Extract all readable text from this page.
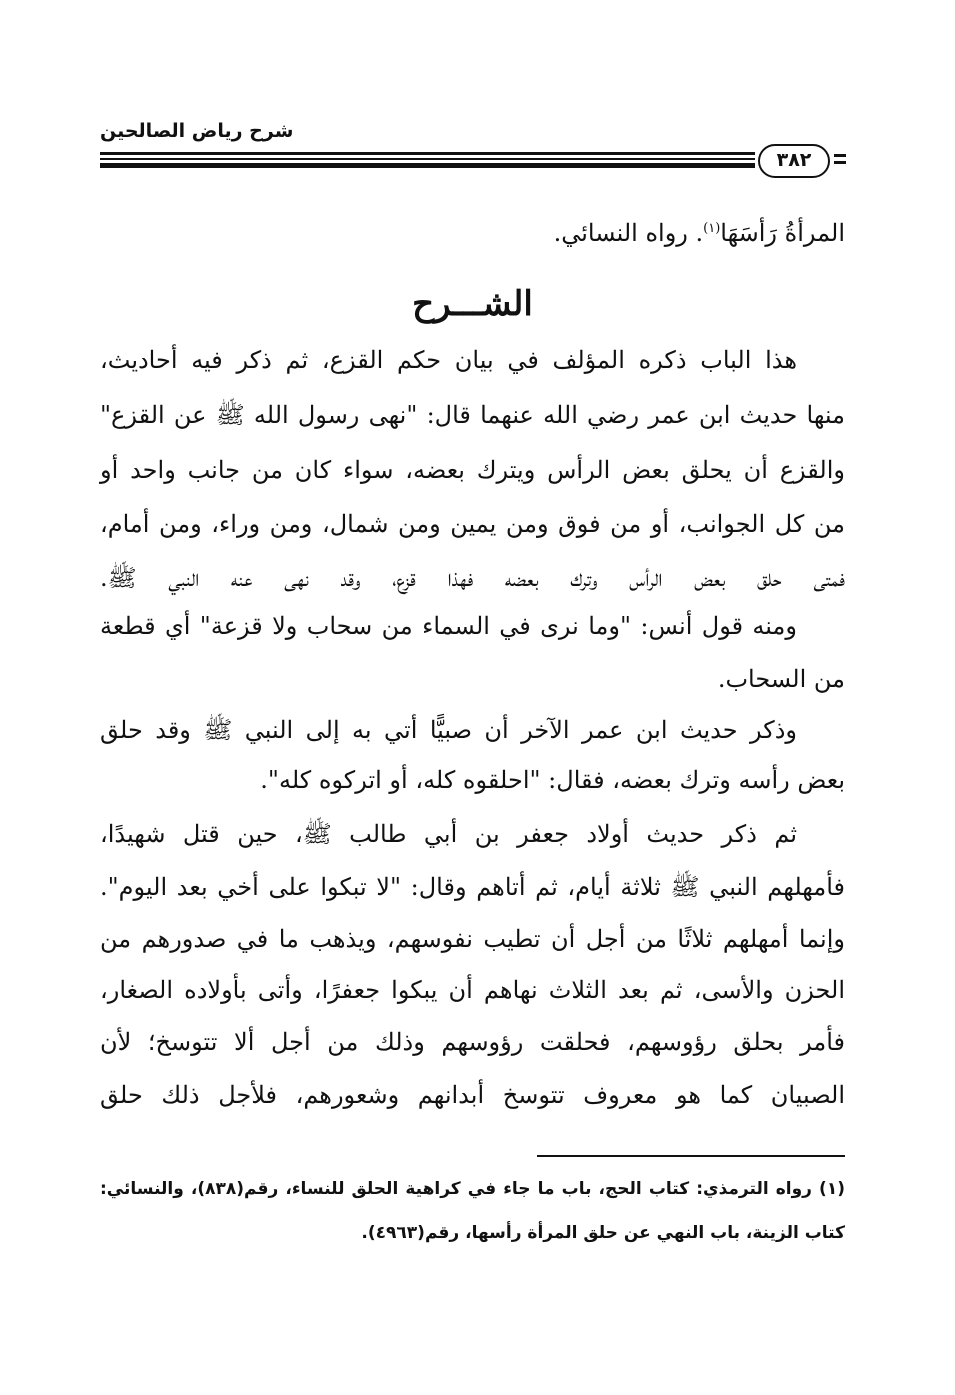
شرح رياض الصالحين
٣٨٢
المرأةُ رَأسَهَا$^{(١)}$. رواه النسائي.
الشـــرح
هذا الباب ذكره المؤلف في بيان حكم القزع، ثم ذكر فيه أحاديث،
منها حديث ابن عمر رضي الله عنهما قال: "نهى رسول الله ﷺ عن القزع"
والقزع أن يحلق بعض الرأس ويترك بعضه، سواء كان من جانب واحد أو
من كل الجوانب، أو من فوق ومن يمين ومن شمال، ومن وراء، ومن أمام،
فمتى حلق بعض الرأس وترك بعضه فهذا قزع، وقد نهى عنه النبي ﷺ.
ومنه قول أنس: "وما نرى في السماء من سحاب ولا قزعة" أي قطعة
من السحاب.
وذكر حديث ابن عمر الآخر أن صبيًّا أتي به إلى النبي ﷺ وقد حلق
بعض رأسه وترك بعضه، فقال: "احلقوه كله، أو اتركوه كله".
ثم ذكر حديث أولاد جعفر بن أبي طالب ﷺ، حين قتل شهيدًا،
فأمهلهم النبي ﷺ ثلاثة أيام، ثم أتاهم وقال: "لا تبكوا على أخي بعد اليوم".
وإنما أمهلهم ثلاثًا من أجل أن تطيب نفوسهم، ويذهب ما في صدورهم من
الحزن والأسى، ثم بعد الثلاث نهاهم أن يبكوا جعفرًا، وأتى بأولاده الصغار،
فأمر بحلق رؤوسهم، فحلقت رؤوسهم وذلك من أجل ألا تتوسخ؛ لأن
الصبيان كما هو معروف تتوسخ أبدانهم وشعورهم، فلأجل ذلك حلق
(١) رواه الترمذي: كتاب الحج، باب ما جاء في كراهية الحلق للنساء، رقم(٨٣٨)، والنسائي:
كتاب الزينة، باب النهي عن حلق المرأة رأسها، رقم(٤٩٦٣).
